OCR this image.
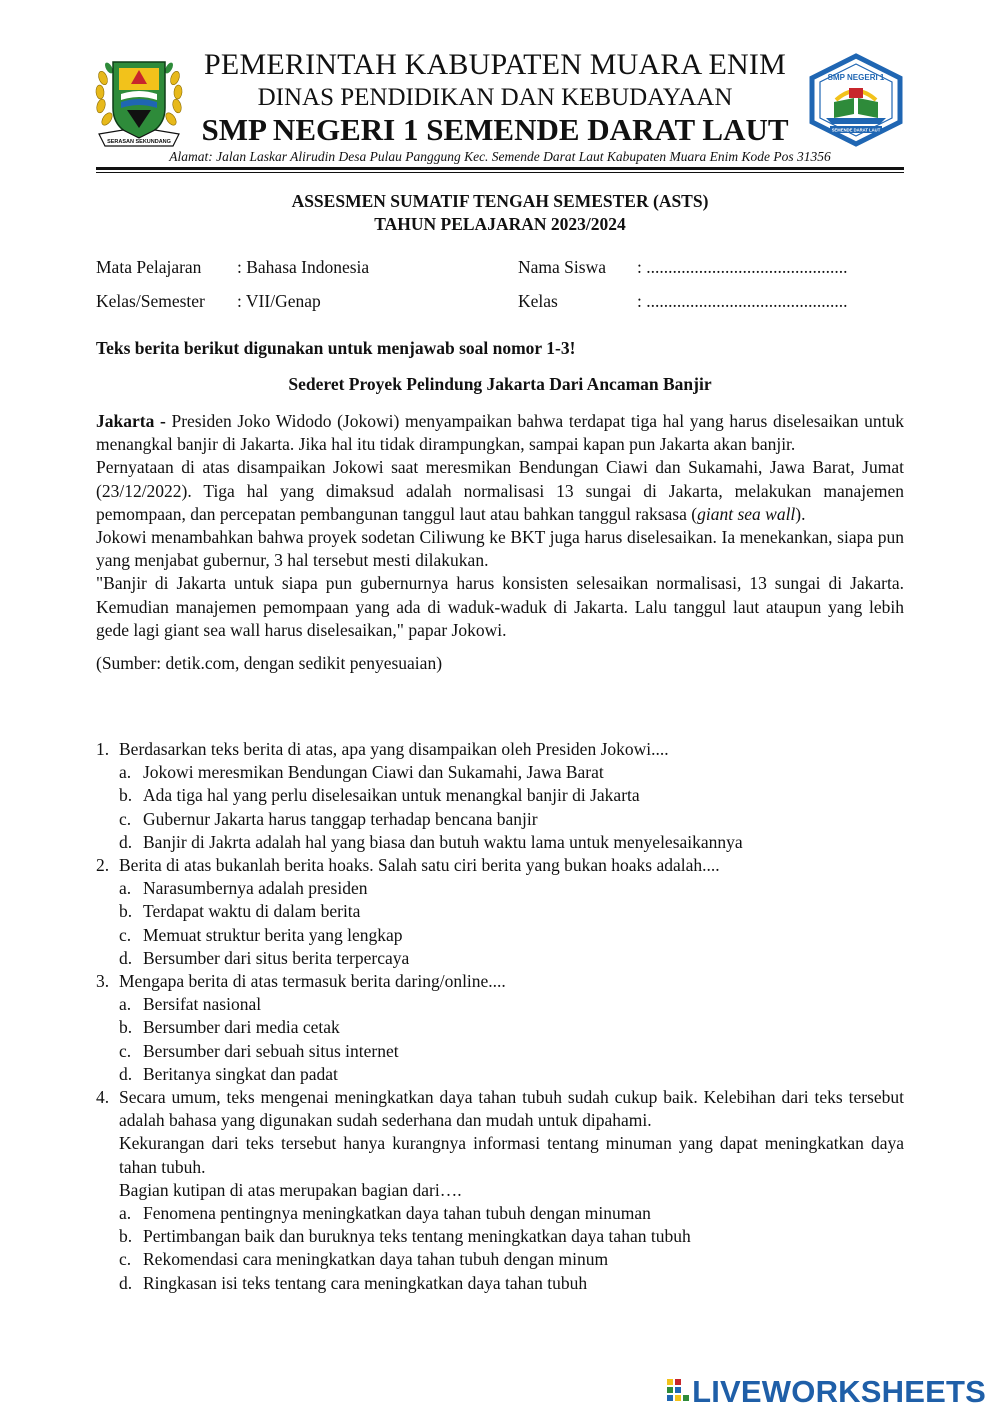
SERASAN SEKUNDANG
SMP NEGERI 1
SEMENDE DARAT LAUT
PEMERINTAH KABUPATEN MUARA ENIM
DINAS PENDIDIKAN DAN KEBUDAYAAN
SMP NEGERI 1 SEMENDE DARAT LAUT
Alamat: Jalan Laskar Alirudin Desa Pulau Panggung Kec. Semende Darat Laut Kabupaten Muara Enim Kode Pos 31356
ASSESMEN SUMATIF TENGAH SEMESTER (ASTS)
TAHUN PELAJARAN 2023/2024
Mata Pelajaran : Bahasa Indonesia	Nama Siswa : ..............................................
Kelas/Semester : VII/Genap	Kelas	: ..............................................
Teks berita berikut digunakan untuk menjawab soal nomor 1-3!
Sederet Proyek Pelindung Jakarta Dari Ancaman Banjir

Jakarta - Presiden Joko Widodo (Jokowi) menyampaikan bahwa terdapat tiga hal yang harus diselesaikan untuk menangkal banjir di Jakarta. Jika hal itu tidak dirampungkan, sampai kapan pun Jakarta akan banjir.

Pernyataan di atas disampaikan Jokowi saat meresmikan Bendungan Ciawi dan Sukamahi, Jawa Barat, Jumat (23/12/2022). Tiga hal yang dimaksud adalah normalisasi 13 sungai di Jakarta, melakukan manajemen pemompaan, dan percepatan pembangunan tanggul laut atau bahkan tanggul raksasa (giant sea wall).

Jokowi menambahkan bahwa proyek sodetan Ciliwung ke BKT juga harus diselesaikan. Ia menekankan, siapa pun yang menjabat gubernur, 3 hal tersebut mesti dilakukan.

"Banjir di Jakarta untuk siapa pun gubernurnya harus konsisten selesaikan normalisasi, 13 sungai di Jakarta. Kemudian manajemen pemompaan yang ada di waduk-waduk di Jakarta. Lalu tanggul laut ataupun yang lebih gede lagi giant sea wall harus diselesaikan," papar Jokowi.

(Sumber: detik.com, dengan sedikit penyesuaian)

1. Berdasarkan teks berita di atas, apa yang disampaikan oleh Presiden Jokowi....
a. Jokowi meresmikan Bendungan Ciawi dan Sukamahi, Jawa Barat
b. Ada tiga hal yang perlu diselesaikan untuk menangkal banjir di Jakarta
c. Gubernur Jakarta harus tanggap terhadap bencana banjir
d. Banjir di Jakrta adalah hal yang biasa dan butuh waktu lama untuk menyelesaikannya
2. Berita di atas bukanlah berita hoaks. Salah satu ciri berita yang bukan hoaks adalah....
a. Narasumbernya adalah presiden
b. Terdapat waktu di dalam berita
c. Memuat struktur berita yang lengkap
d. Bersumber dari situs berita terpercaya
3. Mengapa berita di atas termasuk berita daring/online....
a. Bersifat nasional
b. Bersumber dari media cetak
c. Bersumber dari sebuah situs internet
d. Beritanya singkat dan padat
4. Secara umum, teks mengenai meningkatkan daya tahan tubuh sudah cukup baik. Kelebihan dari teks tersebut adalah bahasa yang digunakan sudah sederhana dan mudah untuk dipahami.
Kekurangan dari teks tersebut hanya kurangnya informasi tentang minuman yang dapat meningkatkan daya tahan tubuh.
Bagian kutipan di atas merupakan bagian dari….
a. Fenomena pentingnya meningkatkan daya tahan tubuh dengan minuman
b. Pertimbangan baik dan buruknya teks tentang meningkatkan daya tahan tubuh
c. Rekomendasi cara meningkatkan daya tahan tubuh dengan minum
d. Ringkasan isi teks tentang cara meningkatkan daya tahan tubuh
LIVEWORKSHEETS
